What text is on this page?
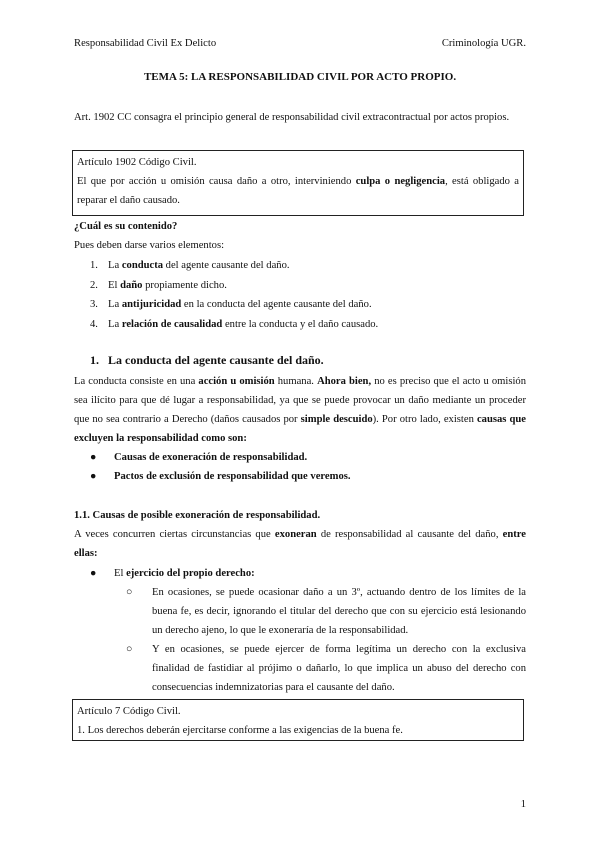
Responsabilidad Civil Ex Delicto	Criminología UGR.
TEMA 5: LA RESPONSABILIDAD CIVIL POR ACTO PROPIO.

Art. 1902 CC consagra el principio general de responsabilidad civil extracontractual por actos propios.

Artículo 1902 Código Civil.
El que por acción u omisión causa daño a otro, interviniendo culpa o negligencia, está obligado a reparar el daño causado.
¿Cuál es su contenido?
Pues deben darse varios elementos:
1. La conducta del agente causante del daño.
2. El daño propiamente dicho.
3. La antijuricidad en la conducta del agente causante del daño.
4. La relación de causalidad entre la conducta y el daño causado.
1. La conducta del agente causante del daño.

La conducta consiste en una acción u omisión humana. Ahora bien, no es preciso que el acto u omisión sea ilícito para que dé lugar a responsabilidad, ya que se puede provocar un daño mediante un proceder que no sea contrario a Derecho (daños causados por simple descuido). Por otro lado, existen causas que excluyen la responsabilidad como son:

● Causas de exoneración de responsabilidad.
● Pactos de exclusión de responsabilidad que veremos.
1.1. Causas de posible exoneración de responsabilidad.

A veces concurren ciertas circunstancias que exoneran de responsabilidad al causante del daño, entre ellas:

● El ejercicio del propio derecho:
○ En ocasiones, se puede ocasionar daño a un 3º, actuando dentro de los límites de la buena fe, es decir, ignorando el titular del derecho que con su ejercicio está lesionando un derecho ajeno, lo que le exoneraría de la responsabilidad.
○ Y en ocasiones, se puede ejercer de forma legítima un derecho con la exclusiva finalidad de fastidiar al prójimo o dañarlo, lo que implica un abuso del derecho con consecuencias indemnizatorias para el causante del daño.
Artículo 7 Código Civil.
1. Los derechos deberán ejercitarse conforme a las exigencias de la buena fe.
1
